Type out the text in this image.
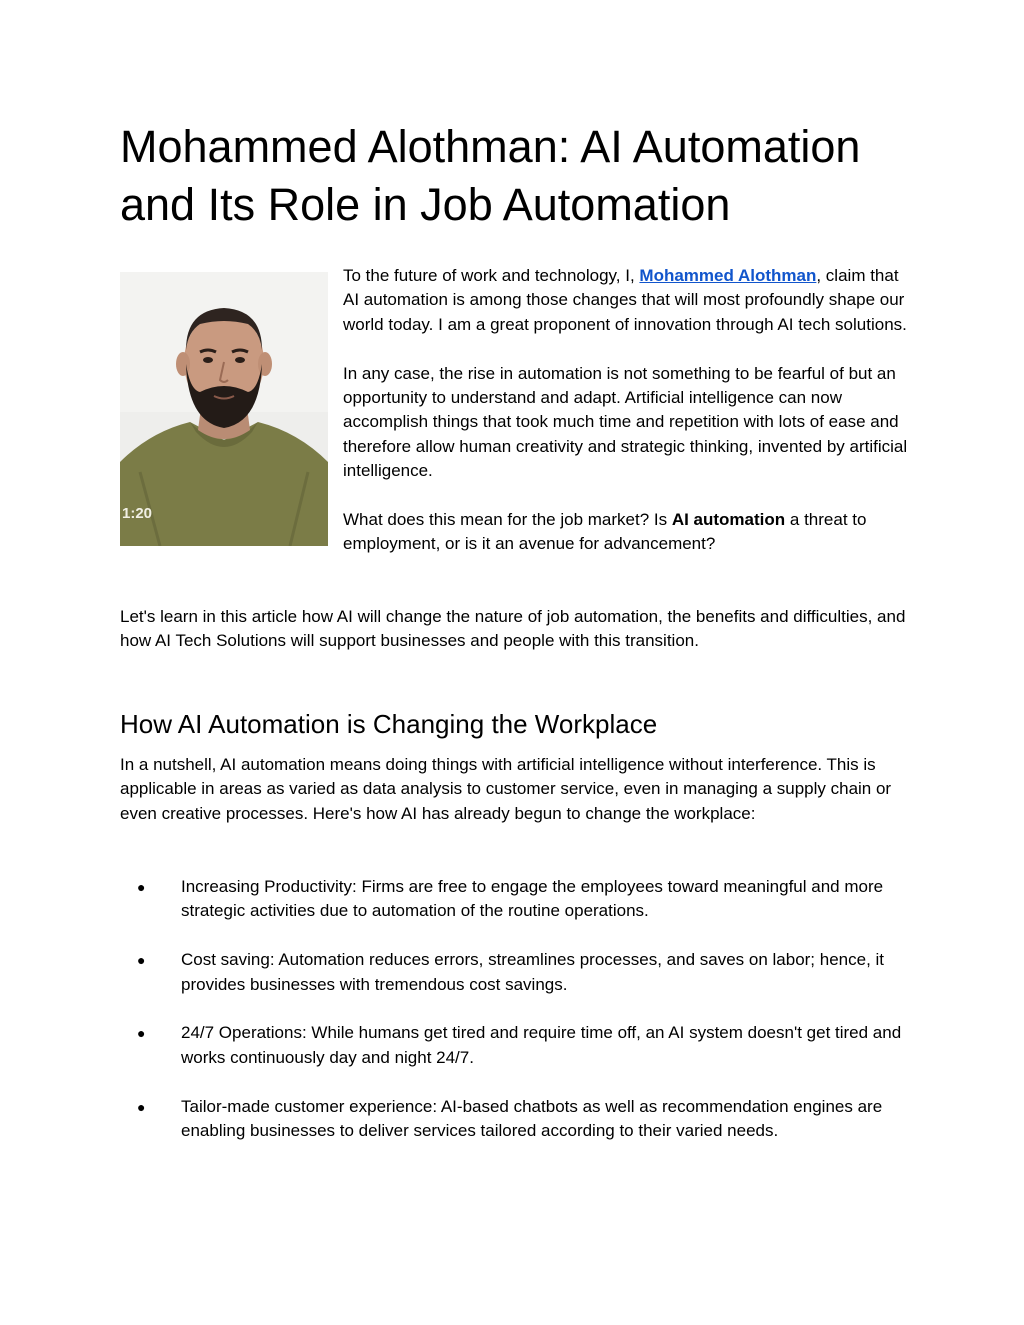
Mohammed Alothman: AI Automation and Its Role in Job Automation
1:20

To the future of work and technology, I, Mohammed Alothman, claim that AI automation is among those changes that will most profoundly shape our world today. I am a great proponent of innovation through AI tech solutions.

In any case, the rise in automation is not something to be fearful of but an opportunity to understand and adapt. Artificial intelligence can now accomplish things that took much time and repetition with lots of ease and therefore allow human creativity and strategic thinking, invented by artificial intelligence.

What does this mean for the job market? Is AI automation a threat to employment, or is it an avenue for advancement?

Let's learn in this article how AI will change the nature of job automation, the benefits and difficulties, and how AI Tech Solutions will support businesses and people with this transition.

How AI Automation is Changing the Workplace

In a nutshell, AI automation means doing things with artificial intelligence without interference. This is applicable in areas as varied as data analysis to customer service, even in managing a supply chain or even creative processes. Here's how AI has already begun to change the workplace:

● Increasing Productivity: Firms are free to engage the employees toward meaningful and more strategic activities due to automation of the routine operations.
● Cost saving: Automation reduces errors, streamlines processes, and saves on labor; hence, it provides businesses with tremendous cost savings.
● 24/7 Operations: While humans get tired and require time off, an AI system doesn't get tired and works continuously day and night 24/7.
● Tailor-made customer experience: AI-based chatbots as well as recommendation engines are enabling businesses to deliver services tailored according to their varied needs.
